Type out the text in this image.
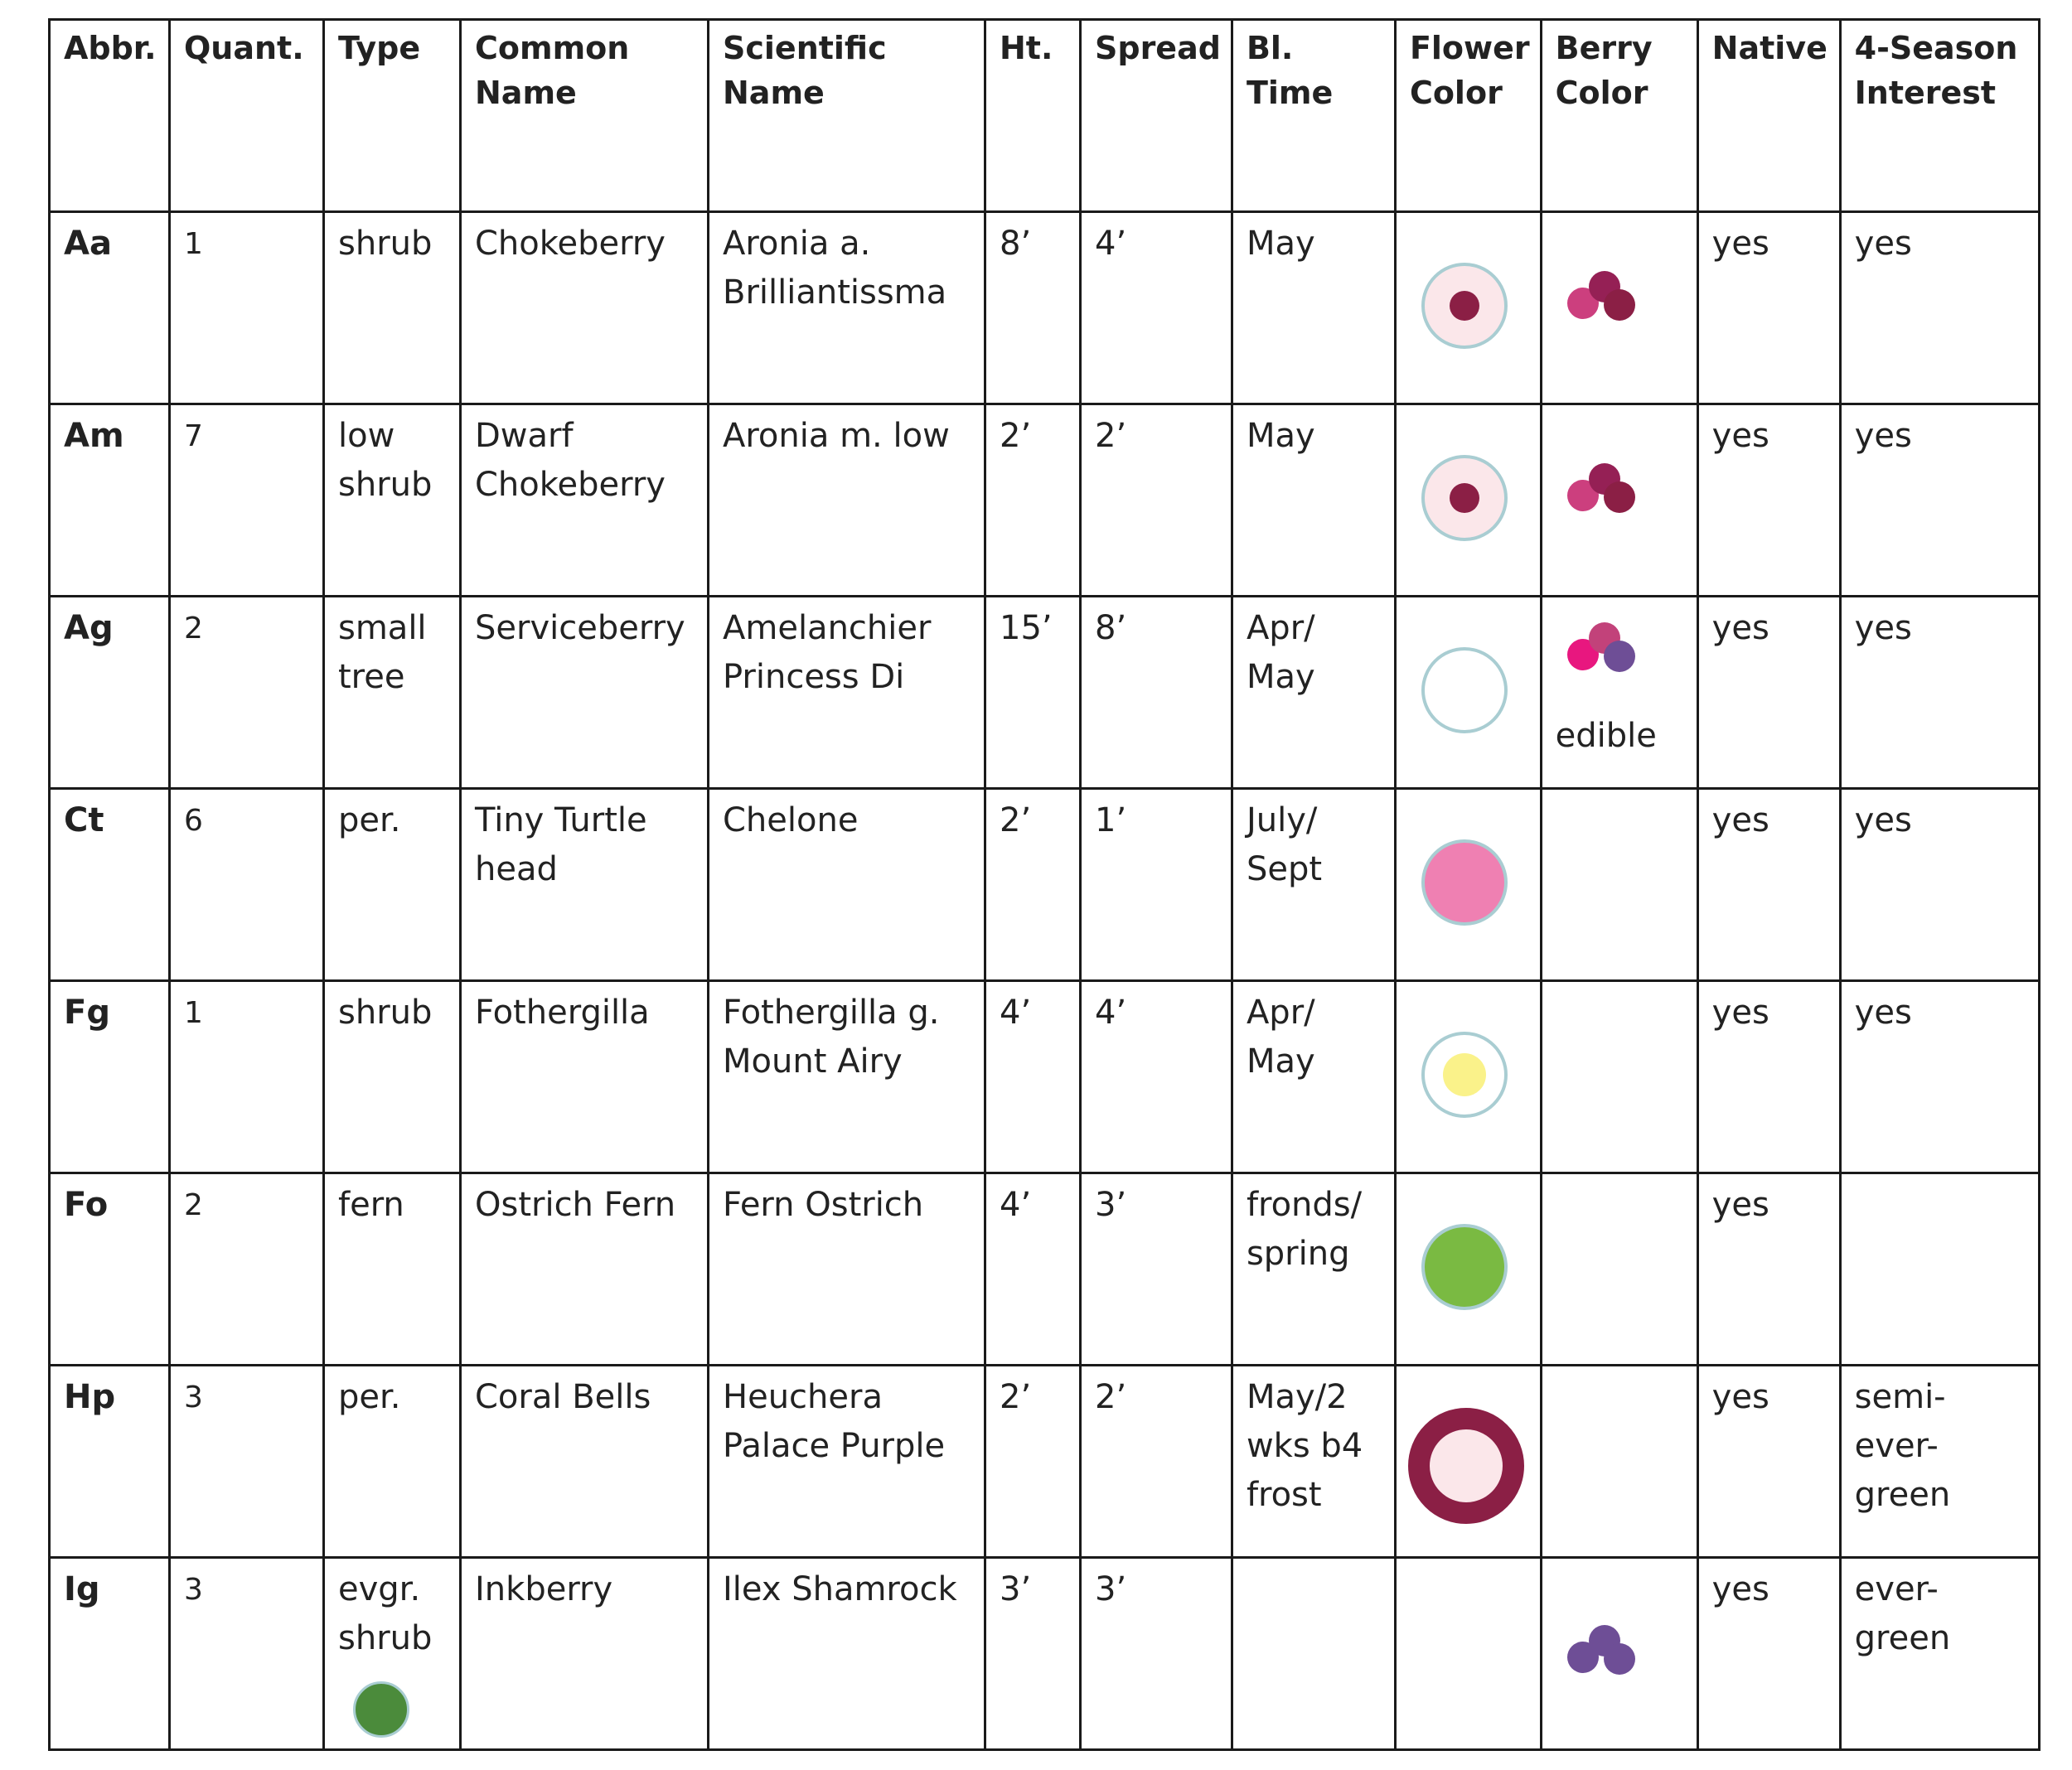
Abbr.	Quant.	Type	Common Name	Scientific Name	Ht.	Spread	Bl. Time	Flower Color	Berry Color	Native	4-Season Interest

Aa	1	shrub	Chokeberry	Aronia a. Brilliantissma	8’	4’	May			yes	yes

Am	7	low shrub	Dwarf Chokeberry	Aronia m. low	2’	2’	May			yes	yes

Ag	2	small tree	Serviceberry	Amelanchier Princess Di	15’	8’	Apr/ May		edible	yes	yes

Ct	6	per.	Tiny Turtle head	Chelone	2’	1’	July/ Sept			yes	yes

Fg	1	shrub	Fothergilla	Fothergilla g. Mount Airy	4’	4’	Apr/ May			yes	yes

Fo	2	fern	Ostrich Fern	Fern Ostrich	4’	3’	fronds/ spring			yes	

Hp	3	per.	Coral Bells	Heuchera Palace Purple	2’	2’	May/2 wks b4 frost			yes	semi- ever- green

Ig	3	evgr. shrub	Inkberry	Ilex Shamrock	3’	3’				yes	ever- green
